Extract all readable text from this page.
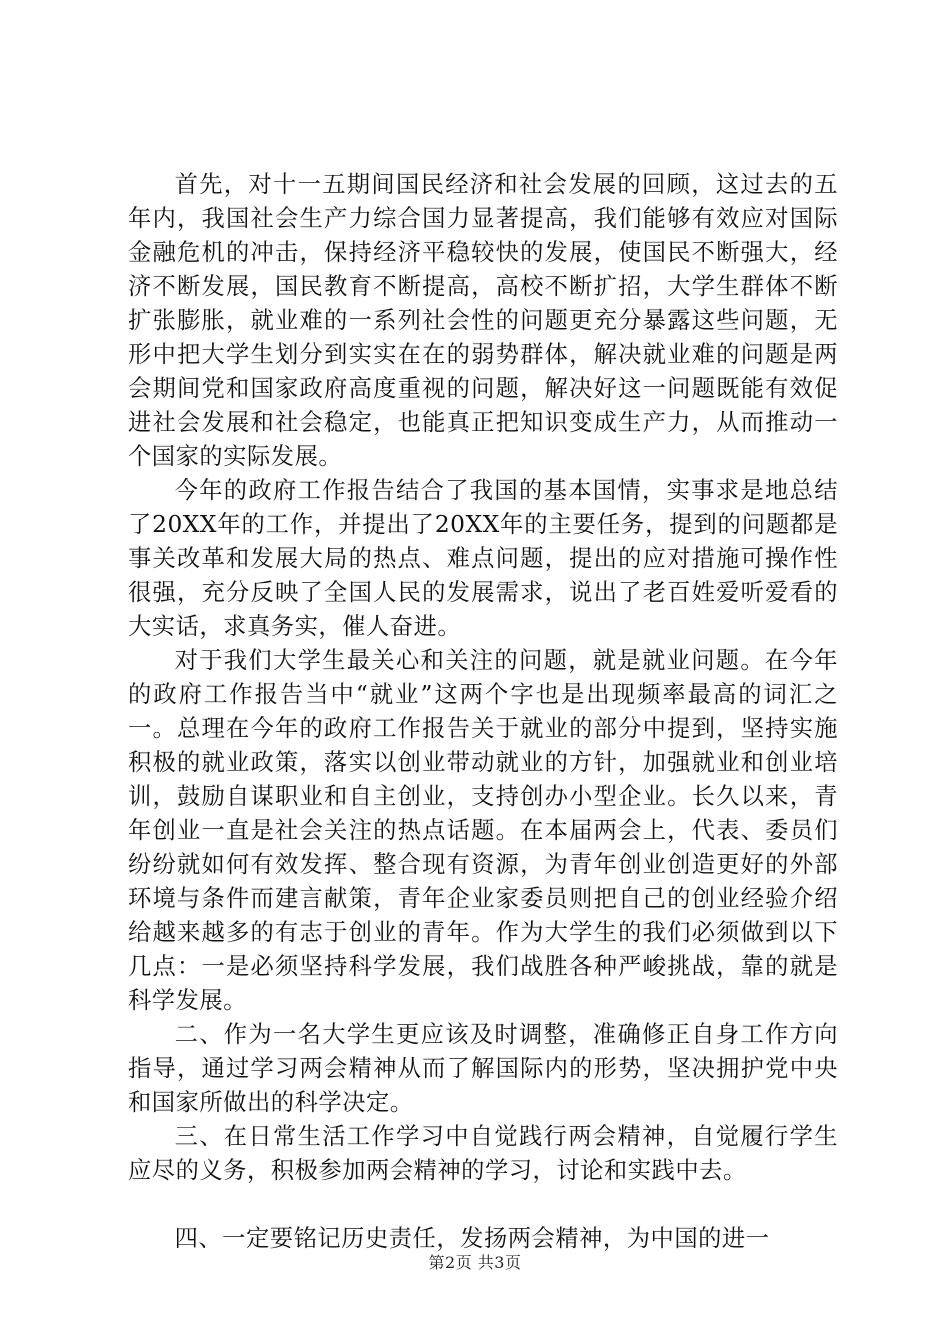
首先，对十一五期间国民经济和社会发展的回顾，这过去的五年内，我国社会生产力综合国力显著提高，我们能够有效应对国际金融危机的冲击，保持经济平稳较快的发展，使国民不断强大，经济不断发展，国民教育不断提高，高校不断扩招，大学生群体不断扩张膨胀，就业难的一系列社会性的问题更充分暴露这些问题，无形中把大学生划分到实实在在的弱势群体，解决就业难的问题是两会期间党和国家政府高度重视的问题，解决好这一问题既能有效促进社会发展和社会稳定，也能真正把知识变成生产力，从而推动一个国家的实际发展。

今年的政府工作报告结合了我国的基本国情，实事求是地总结了20XX年的工作，并提出了20XX年的主要任务，提到的问题都是事关改革和发展大局的热点、难点问题，提出的应对措施可操作性很强，充分反映了全国人民的发展需求，说出了老百姓爱听爱看的大实话，求真务实，催人奋进。

对于我们大学生最关心和关注的问题，就是就业问题。在今年的政府工作报告当中“就业”这两个字也是出现频率最高的词汇之一。总理在今年的政府工作报告关于就业的部分中提到，坚持实施积极的就业政策，落实以创业带动就业的方针，加强就业和创业培训，鼓励自谋职业和自主创业，支持创办小型企业。长久以来，青年创业一直是社会关注的热点话题。在本届两会上，代表、委员们纷纷就如何有效发挥、整合现有资源，为青年创业创造更好的外部环境与条件而建言献策，青年企业家委员则把自己的创业经验介绍给越来越多的有志于创业的青年。作为大学生的我们必须做到以下几点：一是必须坚持科学发展，我们战胜各种严峻挑战，靠的就是科学发展。

二、作为一名大学生更应该及时调整，准确修正自身工作方向指导，通过学习两会精神从而了解国际内的形势，坚决拥护党中央和国家所做出的科学决定。

三、在日常生活工作学习中自觉践行两会精神，自觉履行学生应尽的义务，积极参加两会精神的学习，讨论和实践中去。

四、一定要铭记历史责任，发扬两会精神，为中国的进一

第2页 共3页
